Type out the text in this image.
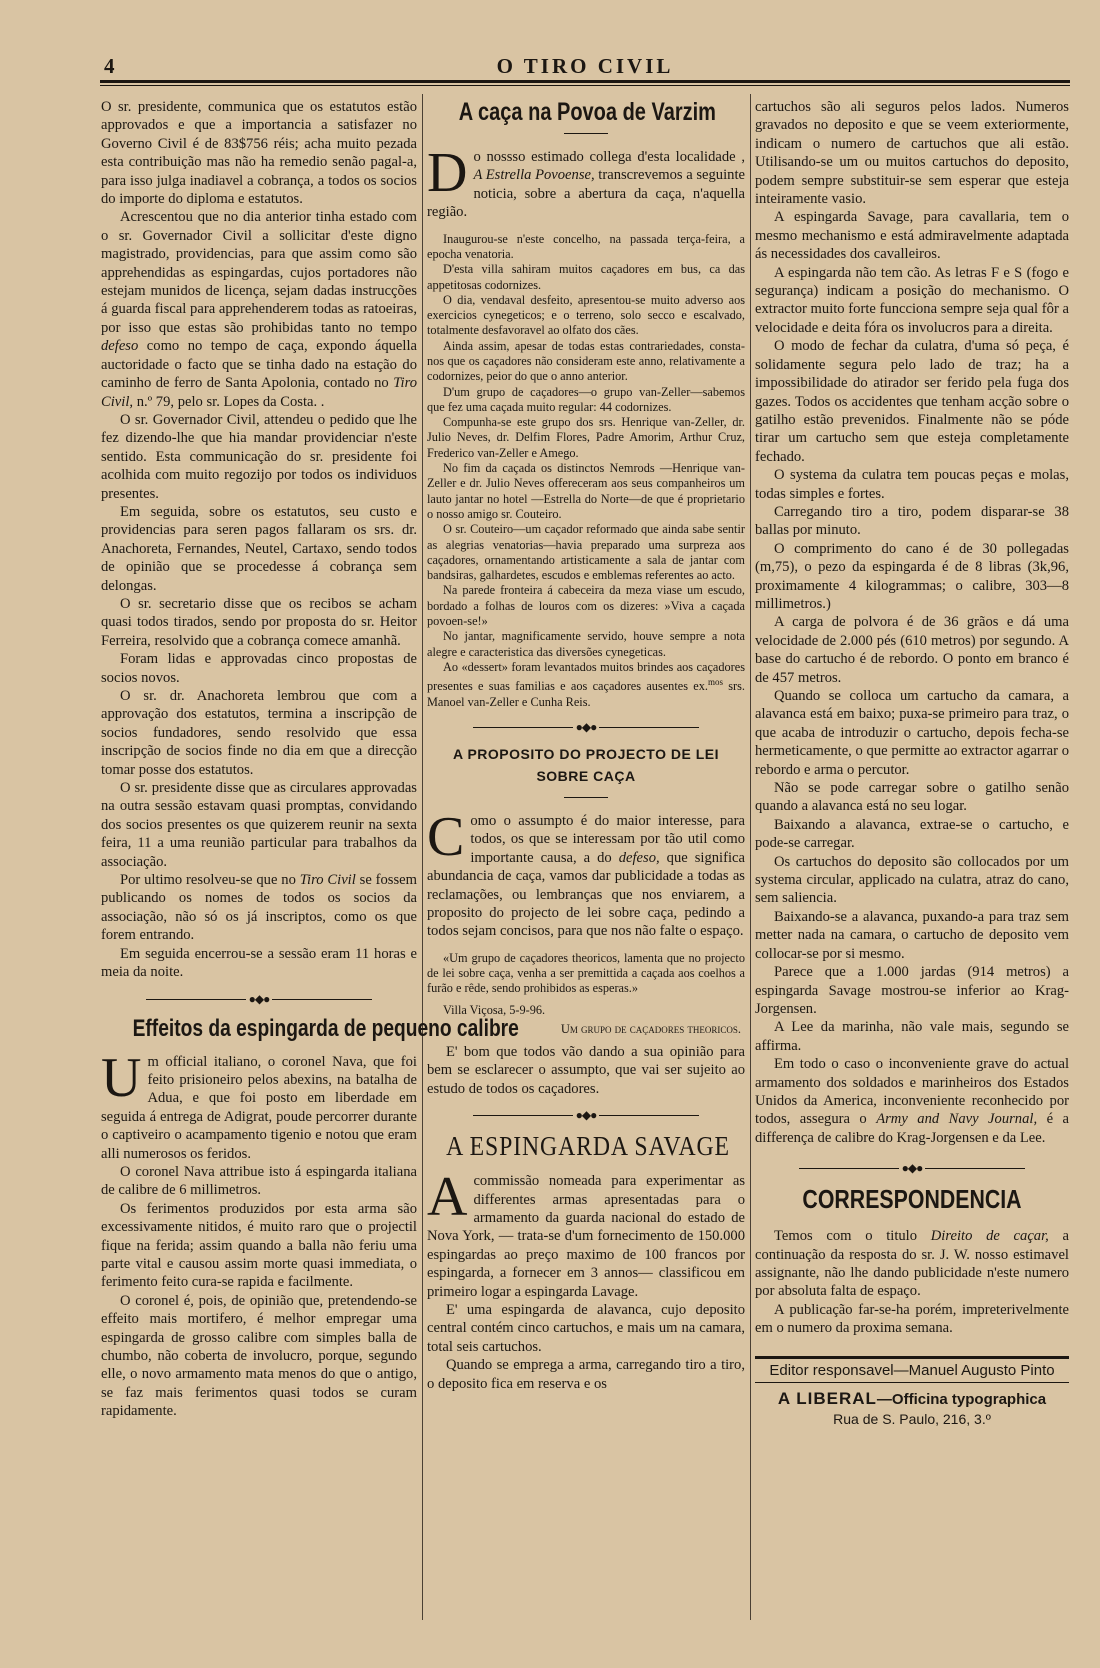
4	O TIRO CIVIL

O sr. presidente, communica que os estatutos estão approvados e que a importancia a satisfazer no Governo Civil é de 83$756 réis; acha muito pezada esta contribuição mas não ha remedio senão pagal-a, para isso julga inadiavel a cobrança, a todos os socios do importe do diploma e estatutos.

Acrescentou que no dia anterior tinha estado com o sr. Governador Civil a sollicitar d'este digno magistrado, providencias, para que assim como são apprehendidas as espingardas, cujos portadores não estejam munidos de licença, sejam dadas instrucções á guarda fiscal para apprehenderem todas as ratoeiras, por isso que estas são prohibidas tanto no tempo defeso como no tempo de caça, expondo áquella auctoridade o facto que se tinha dado na estação do caminho de ferro de Santa Apolonia, contado no Tiro Civil, n.º 79, pelo sr. Lopes da Costa. .

O sr. Governador Civil, attendeu o pedido que lhe fez dizendo-lhe que hia mandar providenciar n'este sentido. Esta communicação do sr. presidente foi acolhida com muito regozijo por todos os individuos presentes.

Em seguida, sobre os estatutos, seu custo e providencias para seren pagos fallaram os srs. dr. Anachoreta, Fernandes, Neutel, Cartaxo, sendo todos de opinião que se procedesse á cobrança sem delongas.

O sr. secretario disse que os recibos se acham quasi todos tirados, sendo por proposta do sr. Heitor Ferreira, resolvido que a cobrança comece amanhã.

Foram lidas e approvadas cinco propostas de socios novos.

O sr. dr. Anachoreta lembrou que com a approvação dos estatutos, termina a inscripção de socios fundadores, sendo resolvido que essa inscripção de socios finde no dia em que a direcção tomar posse dos estatutos.

O sr. presidente disse que as circulares approvadas na outra sessão estavam quasi promptas, convidando dos socios presentes os que quizerem reunir na sexta feira, 11 a uma reunião particular para trabalhos da associação.

Por ultimo resolveu-se que no Tiro Civil se fossem publicando os nomes de todos os socios da associação, não só os já inscriptos, como os que forem entrando.

Em seguida encerrou-se a sessão eram 11 horas e meia da noite.

●◆●
Effeitos da espingarda de pequeno calibre

Um official italiano, o coronel Nava, que foi feito prisioneiro pelos abexins, na batalha de Adua, e que foi posto em liberdade em seguida á entrega de Adigrat, poude percorrer durante o captiveiro o acampamento tigenio e notou que eram alli numerosos os feridos.

O coronel Nava attribue isto á espingarda italiana de calibre de 6 millimetros.

Os ferimentos produzidos por esta arma são excessivamente nitidos, é muito raro que o projectil fique na ferida; assim quando a balla não feriu uma parte vital e causou assim morte quasi immediata, o ferimento feito cura-se rapida e facilmente.

O coronel é, pois, de opinião que, pretendendo-se effeito mais mortifero, é melhor empregar uma espingarda de grosso calibre com simples balla de chumbo, não coberta de involucro, porque, segundo elle, o novo armamento mata menos do que o antigo, se faz mais ferimentos quasi todos se curam rapidamente.

A caça na Povoa de Varzim

Do nossso estimado collega d'esta localidade , A Estrella Povoense, transcrevemos a seguinte noticia, sobre a abertura da caça, n'aquella região.

Inaugurou-se n'este concelho, na passada terça-feira, a epocha venatoria.

D'esta villa sahiram muitos caçadores em bus, ca das appetitosas codornizes.

O dia, vendaval desfeito, apresentou-se muito adverso aos exercicios cynegeticos; e o terreno, solo secco e escalvado, totalmente desfavoravel ao olfato dos cães.

Ainda assim, apesar de todas estas contrariedades, consta-nos que os caçadores não consideram este anno, relativamente a codornizes, peior do que o anno anterior.

D'um grupo de caçadores—o grupo van-Zeller—sabemos que fez uma caçada muito regular: 44 codornizes.

Compunha-se este grupo dos srs. Henrique van-Zeller, dr. Julio Neves, dr. Delfim Flores, Padre Amorim, Arthur Cruz, Frederico van-Zeller e Amego.

No fim da caçada os distinctos Nemrods —Henrique van-Zeller e dr. Julio Neves offereceram aos seus companheiros um lauto jantar no hotel —Estrella do Norte—de que é proprietario o nosso amigo sr. Couteiro.

O sr. Couteiro—um caçador reformado que ainda sabe sentir as alegrias venatorias—havia preparado uma surpreza aos caçadores, ornamentando artisticamente a sala de jantar com bandsiras, galhardetes, escudos e emblemas referentes ao acto.

Na parede fronteira á cabeceira da meza viase um escudo, bordado a folhas de louros com os dizeres: »Viva a caçada povoen-se!»

No jantar, magnificamente servido, houve sempre a nota alegre e caracteristica das diversões cynegeticas.

Ao «dessert» foram levantados muitos brindes aos caçadores presentes e suas familias e aos caçadores ausentes ex.$^{mos}$ srs. Manoel van-Zeller e Cunha Reis.

●◆●
A PROPOSITO DO PROJECTO DE LEI SOBRE CAÇA

Como o assumpto é do maior interesse, para todos, os que se interessam por tão util como importante causa, a do defeso, que significa abundancia de caça, vamos dar publicidade a todas as reclamações, ou lembranças que nos enviarem, a proposito do projecto de lei sobre caça, pedindo a todos sejam concisos, para que nos não falte o espaço.

«Um grupo de caçadores theoricos, lamenta que no projecto de lei sobre caça, venha a ser premittida a caçada aos coelhos a furão e rêde, sendo prohibidos as esperas.»

Villa Viçosa, 5-9-96.

Um grupo de caçadores theoricos.

E' bom que todos vão dando a sua opinião para bem se esclarecer o assumpto, que vai ser sujeito ao estudo de todos os caçadores.

●◆●
A ESPINGARDA SAVAGE

Acommissão nomeada para experimentar as differentes armas apresentadas para o armamento da guarda nacional do estado de Nova York, — trata-se d'um fornecimento de 150.000 espingardas ao preço maximo de 100 francos por espingarda, a fornecer em 3 annos— classificou em primeiro logar a espingarda Lavage.

E' uma espingarda de alavanca, cujo deposito central contém cinco cartuchos, e mais um na camara, total seis cartuchos.

Quando se emprega a arma, carregando tiro a tiro, o deposito fica em reserva e os

cartuchos são ali seguros pelos lados. Numeros gravados no deposito e que se veem exteriormente, indicam o numero de cartuchos que ali estão. Utilisando-se um ou muitos cartuchos do deposito, podem sempre substituir-se sem esperar que esteja inteiramente vasio.

A espingarda Savage, para cavallaria, tem o mesmo mechanismo e está admiravelmente adaptada ás necessidades dos cavalleiros.

A espingarda não tem cão. As letras F e S (fogo e segurança) indicam a posição do mechanismo. O extractor muito forte funcciona sempre seja qual fôr a velocidade e deita fóra os involucros para a direita.

O modo de fechar da culatra, d'uma só peça, é solidamente segura pelo lado de traz; ha a impossibilidade do atirador ser ferido pela fuga dos gazes. Todos os accidentes que tenham acção sobre o gatilho estão prevenidos. Finalmente não se póde tirar um cartucho sem que esteja completamente fechado.

O systema da culatra tem poucas peças e molas, todas simples e fortes.

Carregando tiro a tiro, podem disparar-se 38 ballas por minuto.

O comprimento do cano é de 30 pollegadas (m,75), o pezo da espingarda é de 8 libras (3k,96, proximamente 4 kilogrammas; o calibre, 303—8 millimetros.)

A carga de polvora é de 36 grãos e dá uma velocidade de 2.000 pés (610 metros) por segundo. A base do cartucho é de rebordo. O ponto em branco é de 457 metros.

Quando se colloca um cartucho da camara, a alavanca está em baixo; puxa-se primeiro para traz, o que acaba de introduzir o cartucho, depois fecha-se hermeticamente, o que permitte ao extractor agarrar o rebordo e arma o percutor.

Não se pode carregar sobre o gatilho senão quando a alavanca está no seu logar.

Baixando a alavanca, extrae-se o cartucho, e pode-se carregar.

Os cartuchos do deposito são collocados por um systema circular, applicado na culatra, atraz do cano, sem saliencia.

Baixando-se a alavanca, puxando-a para traz sem metter nada na camara, o cartucho de deposito vem collocar-se por si mesmo.

Parece que a 1.000 jardas (914 metros) a espingarda Savage mostrou-se inferior ao Krag-Jorgensen.

A Lee da marinha, não vale mais, segundo se affirma.

Em todo o caso o inconveniente grave do actual armamento dos soldados e marinheiros dos Estados Unidos da America, inconveniente reconhecido por todos, assegura o Army and Navy Journal, é a differença de calibre do Krag-Jorgensen e da Lee.

●◆●
CORRESPONDENCIA

Temos com o titulo Direito de caçar, a continuação da resposta do sr. J. W. nosso estimavel assignante, não lhe dando publicidade n'este numero por absoluta falta de espaço.

A publicação far-se-ha porém, impreterivelmente em o numero da proxima semana.

Editor responsavel—Manuel Augusto Pinto
A LIBERAL—Officina typographica
Rua de S. Paulo, 216, 3.º
